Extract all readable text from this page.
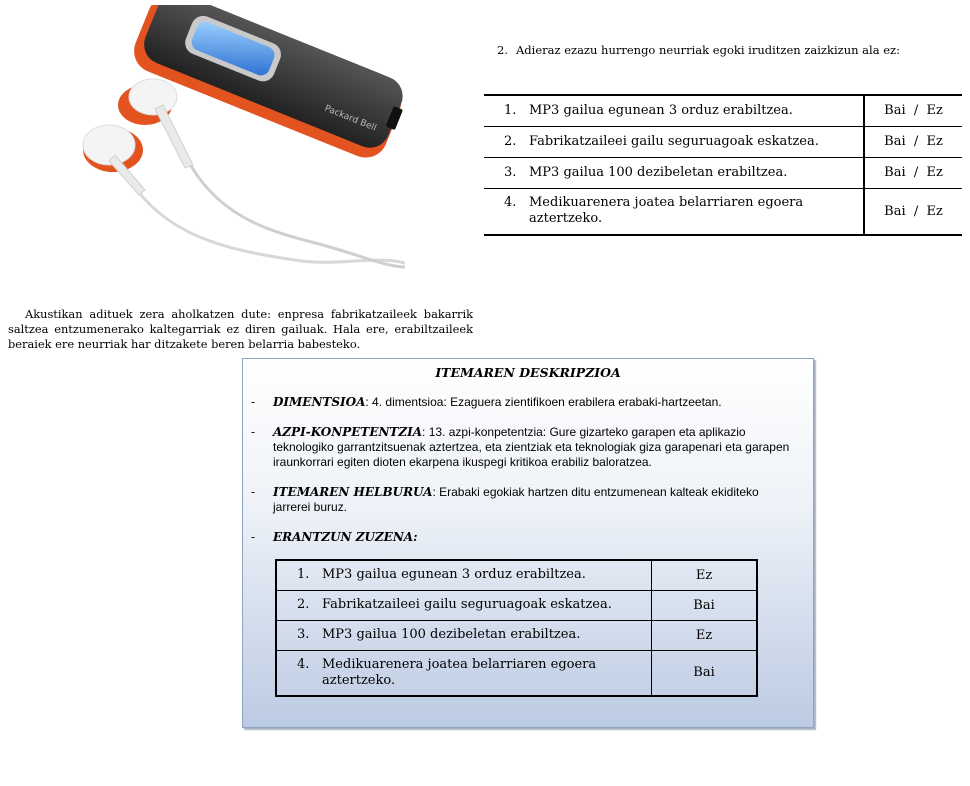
Packard Bell
2. Adieraz ezazu hurrengo neurriak egoki iruditzen zaizkizun ala ez:
1. MP3 gailua egunean 3 orduz erabiltzea.	Bai  /  Ez

2. Fabrikatzaileei gailu seguruagoak eskatzea.	Bai  /  Ez

3. MP3 gailua 100 dezibeletan erabiltzea.	Bai  /  Ez

4. Medikuarenera joatea belarriaren egoera aztertzeko.	Bai  /  Ez

Akustikan adituek zera aholkatzen dute: enpresa fabrikatzaileek bakarrik saltzea entzumenerako kaltegarriak ez diren gailuak. Hala ere, erabiltzaileek beraiek ere neurriak har ditzakete beren belarria babesteko.

ITEMAREN DESKRIPZIOA
-	DIMENTSIOA: 4. dimentsioa: Ezaguera zientifikoen erabilera erabaki-hartzeetan.
-	AZPI-KONPETENTZIA: 13. azpi-konpetentzia: Gure gizarteko garapen eta aplikazio teknologiko garrantzitsuenak aztertzea, eta zientziak eta teknologiak giza garapenari eta garapen iraunkorrari egiten dioten ekarpena ikuspegi kritikoa erabiliz baloratzea.
-	ITEMAREN HELBURUA: Erabaki egokiak hartzen ditu entzumenean kalteak ekiditeko jarrerei buruz.
-	ERANTZUN ZUZENA:
1. MP3 gailua egunean 3 orduz erabiltzea.	Ez

2. Fabrikatzaileei gailu seguruagoak eskatzea.	Bai

3. MP3 gailua 100 dezibeletan erabiltzea.	Ez

4. Medikuarenera joatea belarriaren egoera aztertzeko.	Bai
